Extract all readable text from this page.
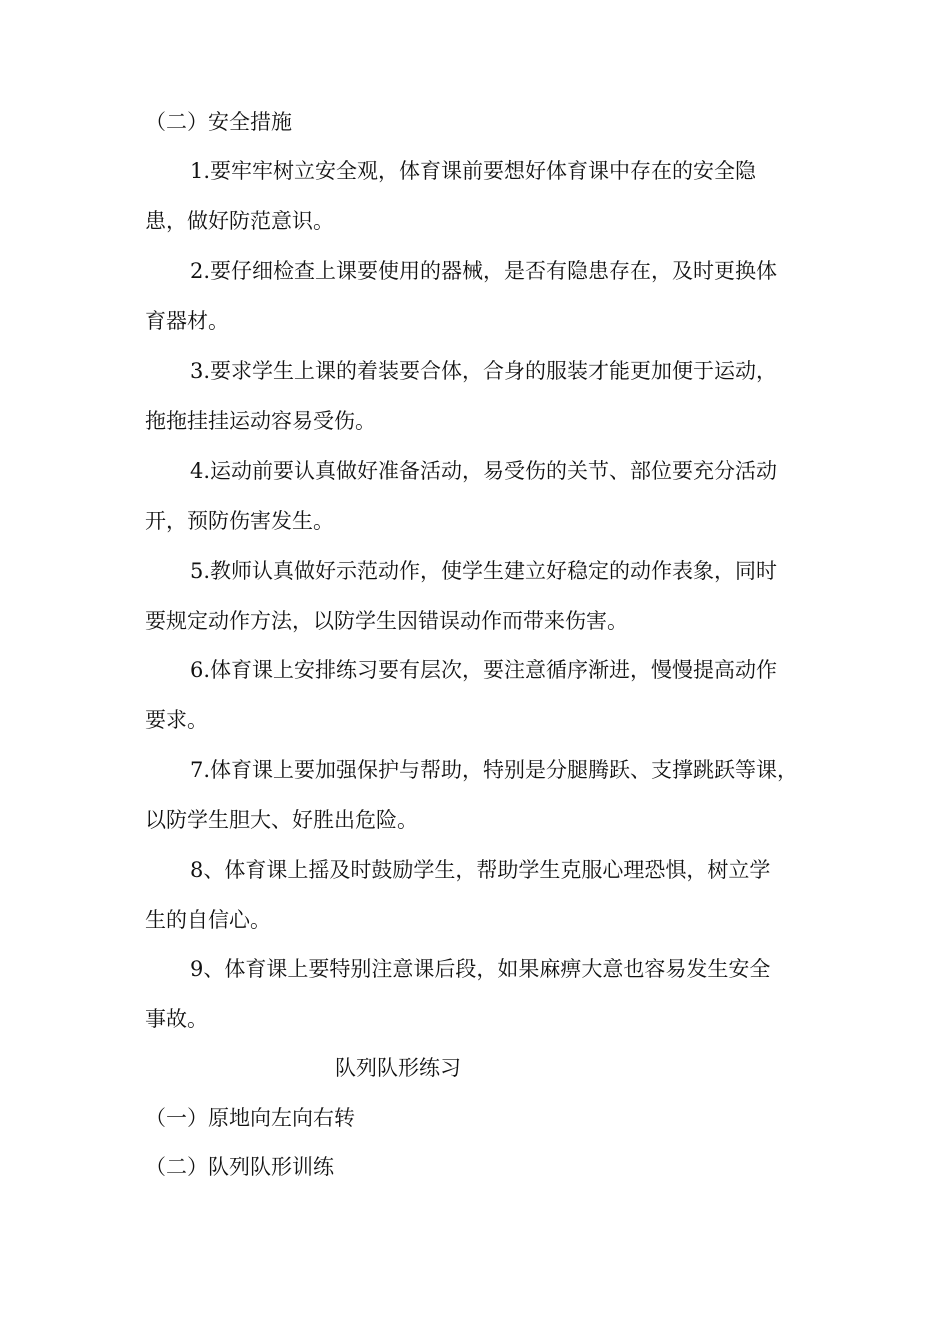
（二）安全措施
1.要牢牢树立安全观，体育课前要想好体育课中存在的安全隐
患，做好防范意识。
2.要仔细检查上课要使用的器械，是否有隐患存在，及时更换体
育器材。
3.要求学生上课的着装要合体，合身的服装才能更加便于运动，
拖拖挂挂运动容易受伤。
4.运动前要认真做好准备活动，易受伤的关节、部位要充分活动
开，预防伤害发生。
5.教师认真做好示范动作，使学生建立好稳定的动作表象，同时
要规定动作方法，以防学生因错误动作而带来伤害。
6.体育课上安排练习要有层次，要注意循序渐进，慢慢提高动作
要求。
7.体育课上要加强保护与帮助，特别是分腿腾跃、支撑跳跃等课，
以防学生胆大、好胜出危险。
8、体育课上摇及时鼓励学生，帮助学生克服心理恐惧，树立学
生的自信心。
9、体育课上要特别注意课后段，如果麻痹大意也容易发生安全
事故。
队列队形练习
（一）原地向左向右转
（二）队列队形训练
